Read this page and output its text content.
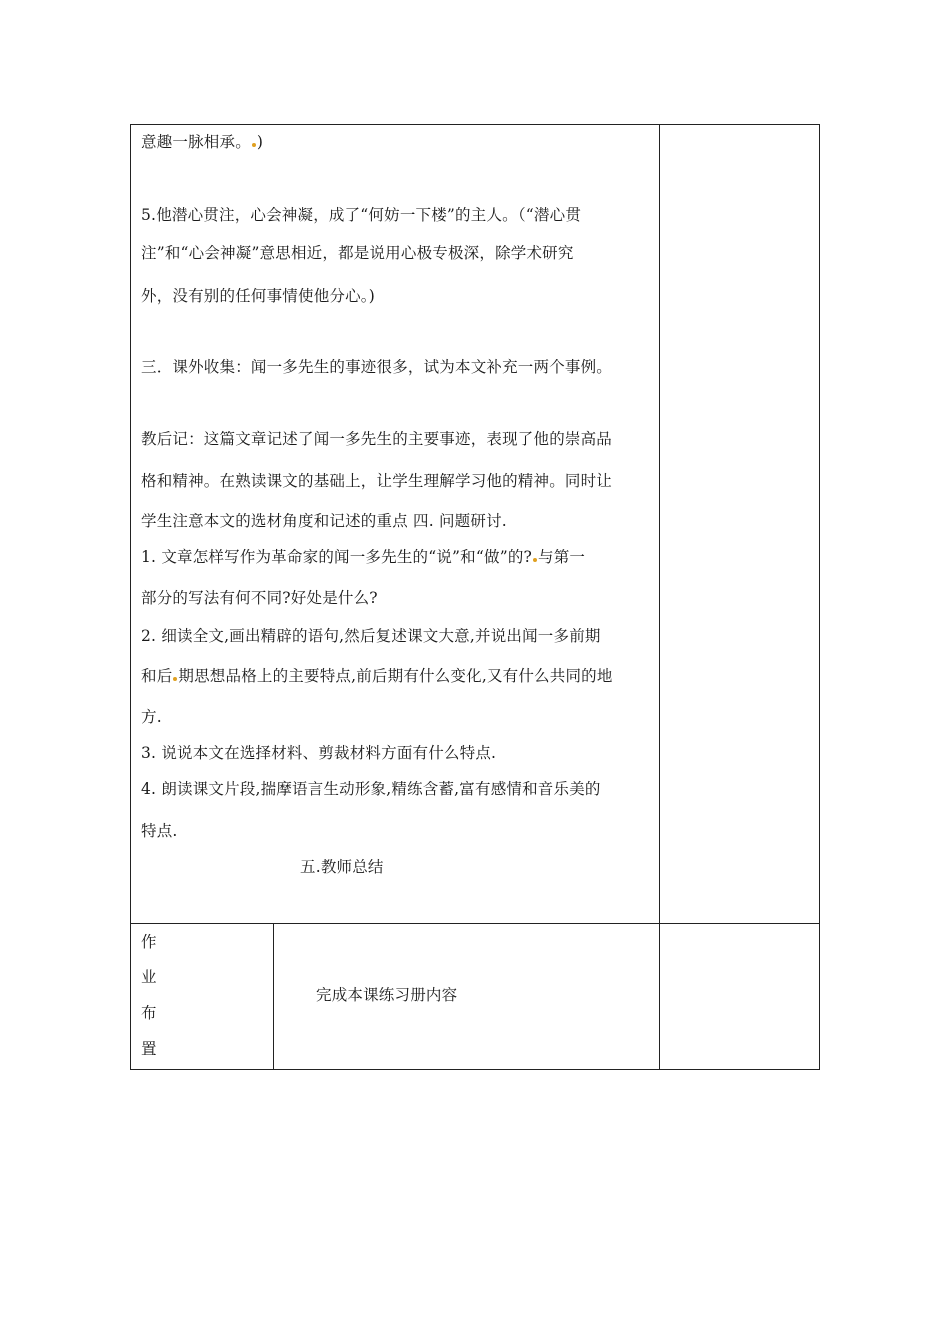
意趣一脉相承。 )
5.他潜心贯注，心会神凝，成了“何妨一下楼”的主人。（“潜心贯
注”和“心会神凝”意思相近，都是说用心极专极深，除学术研究
外，没有别的任何事情使他分心。)
三．课外收集：闻一多先生的事迹很多，试为本文补充一两个事例。
教后记：这篇文章记述了闻一多先生的主要事迹，表现了他的崇高品
格和精神。在熟读课文的基础上，让学生理解学习他的精神。同时让
学生注意本文的选材角度和记述的重点 四. 问题研讨.
1. 文章怎样写作为革命家的闻一多先生的“说”和“做”的? 与第一
部分的写法有何不同?好处是什么?
2. 细读全文,画出精辟的语句,然后复述课文大意,并说出闻一多前期
和后 期思想品格上的主要特点,前后期有什么变化,又有什么共同的地
方.
3. 说说本文在选择材料、剪裁材料方面有什么特点.
4. 朗读课文片段,揣摩语言生动形象,精练含蓄,富有感情和音乐美的
特点.
五.教师总结
作
业
布
置
完成本课练习册内容
